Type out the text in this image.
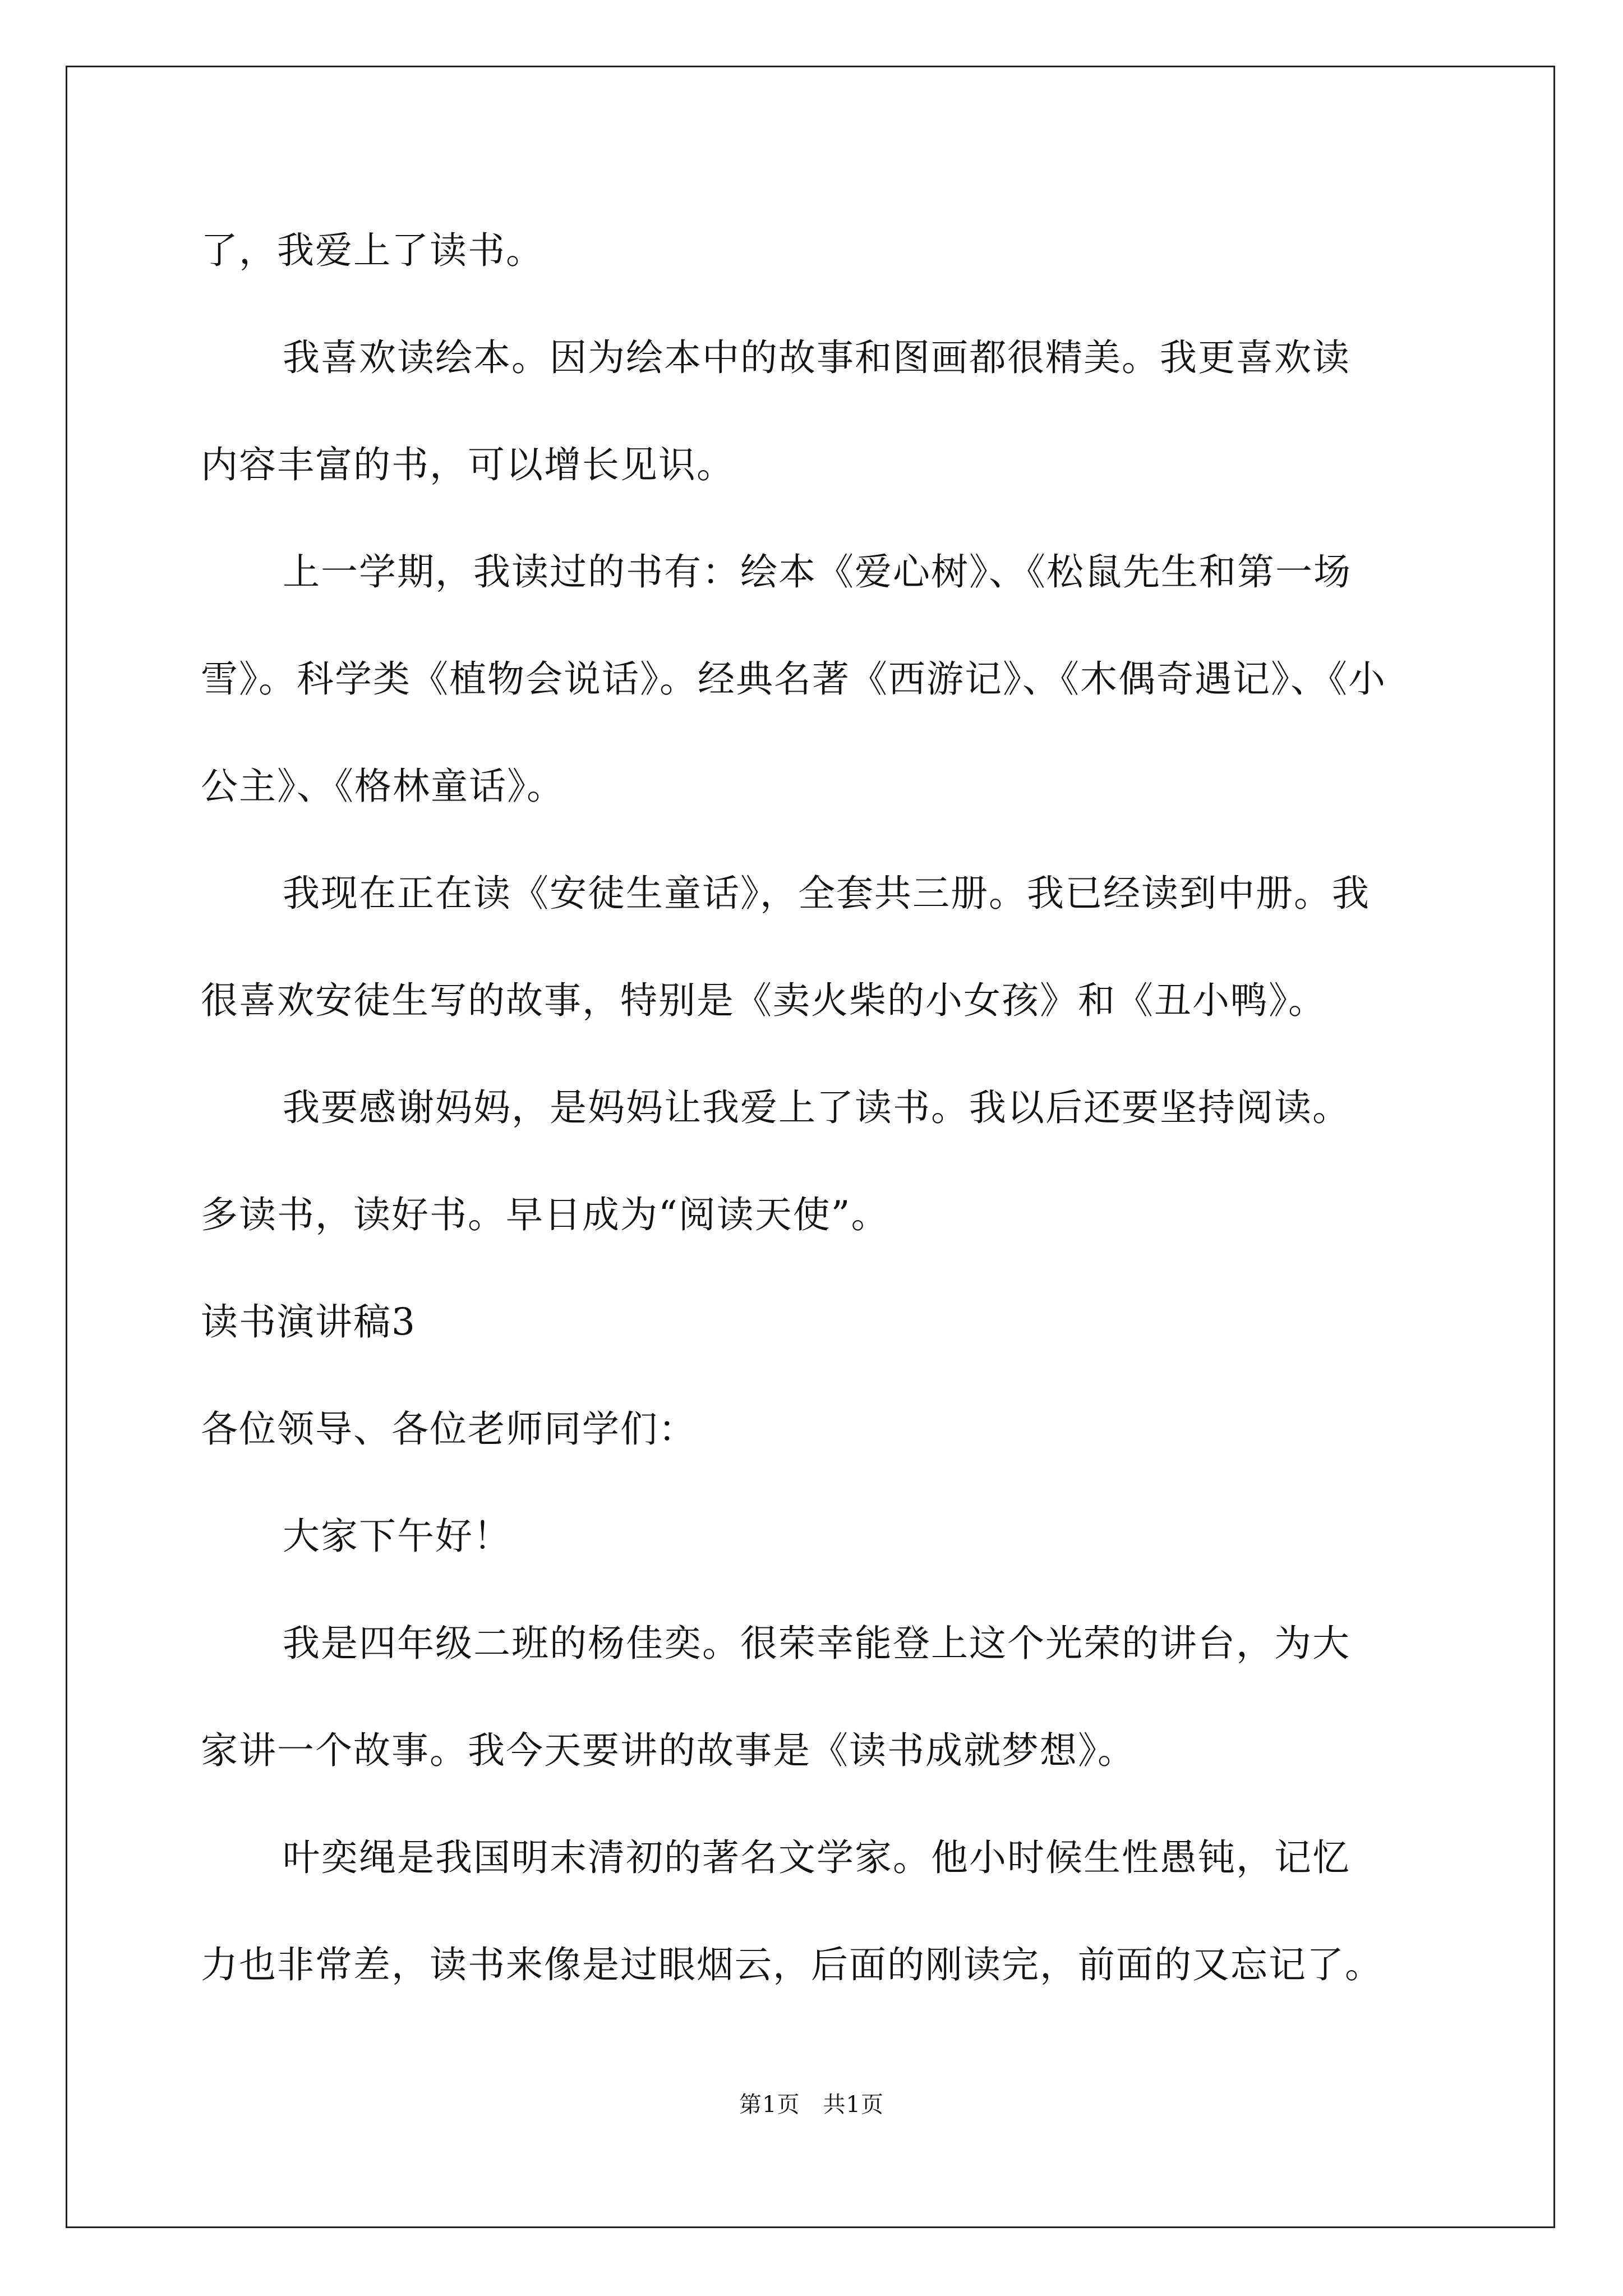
了，我爱上了读书。
我喜欢读绘本。因为绘本中的故事和图画都很精美。我更喜欢读
内容丰富的书，可以增长见识。
上一学期，我读过的书有：绘本《爱心树》、《松鼠先生和第一场
雪》。科学类《植物会说话》。经典名著《西游记》、《木偶奇遇记》、《小
公主》、《格林童话》。
我现在正在读《安徒生童话》，全套共三册。我已经读到中册。我
很喜欢安徒生写的故事，特别是《卖火柴的小女孩》和《丑小鸭》。
我要感谢妈妈，是妈妈让我爱上了读书。我以后还要坚持阅读。
多读书，读好书。早日成为“阅读天使”。
读书演讲稿3
各位领导、各位老师同学们：
大家下午好！
我是四年级二班的杨佳奕。很荣幸能登上这个光荣的讲台，为大
家讲一个故事。我今天要讲的故事是《读书成就梦想》。
叶奕绳是我国明末清初的著名文学家。他小时候生性愚钝，记忆
力也非常差，读书来像是过眼烟云，后面的刚读完，前面的又忘记了。
第1页　共1页
